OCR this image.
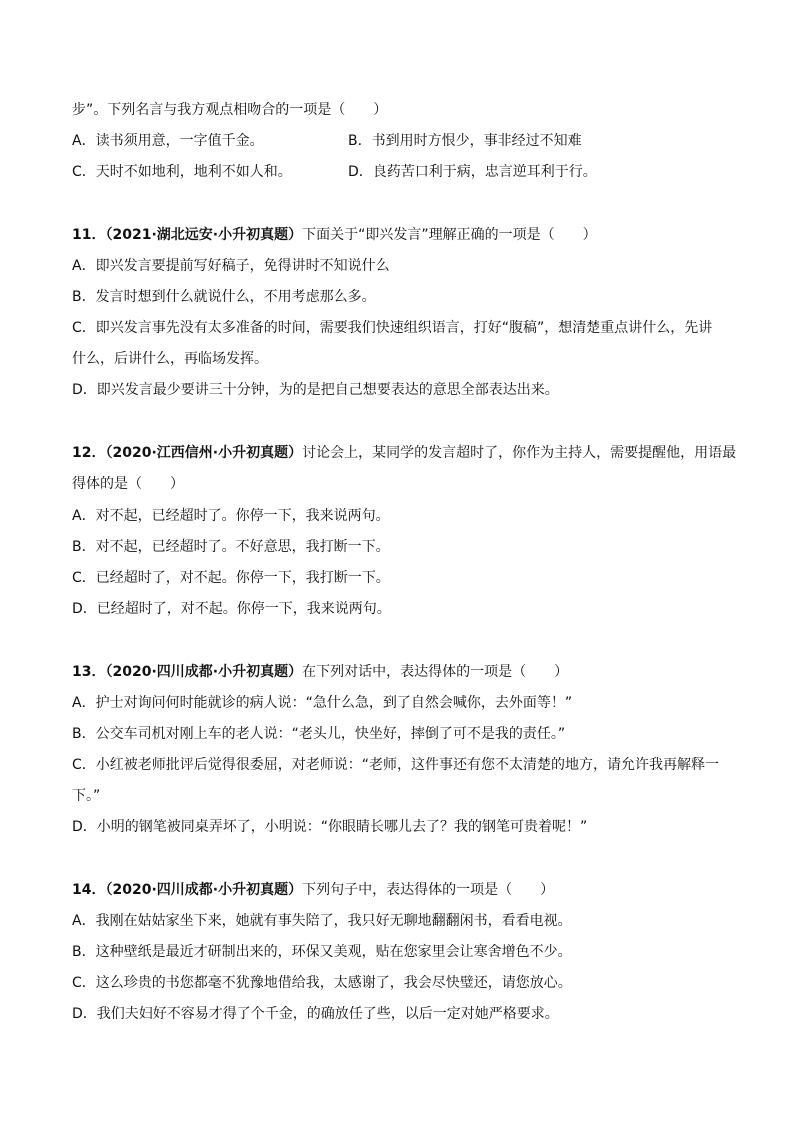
步”。下列名言与我方观点相吻合的一项是（　　）
A．读书须用意，一字值千金。	B．书到用时方恨少，事非经过不知难
C．天时不如地利，地利不如人和。	D．良药苦口利于病，忠言逆耳利于行。
11．（2021·湖北远安·小升初真题）下面关于“即兴发言”理解正确的一项是（　　）
A．即兴发言要提前写好稿子，免得讲时不知说什么
B．发言时想到什么就说什么，不用考虑那么多。
C．即兴发言事先没有太多准备的时间，需要我们快速组织语言，打好“腹稿”，想清楚重点讲什么，先讲
什么，后讲什么，再临场发挥。
D．即兴发言最少要讲三十分钟，为的是把自己想要表达的意思全部表达出来。
12．（2020·江西信州·小升初真题）讨论会上，某同学的发言超时了，你作为主持人，需要提醒他，用语最
得体的是（　　）
A．对不起，已经超时了。你停一下，我来说两句。
B．对不起，已经超时了。不好意思，我打断一下。
C．已经超时了，对不起。你停一下，我打断一下。
D．已经超时了，对不起。你停一下，我来说两句。
13．（2020·四川成都·小升初真题）在下列对话中，表达得体的一项是（　　）
A．护士对询问何时能就诊的病人说：“急什么急，到了自然会喊你，去外面等！”
B．公交车司机对刚上车的老人说：“老头儿，快坐好，摔倒了可不是我的责任。”
C．小红被老师批评后觉得很委屈，对老师说：“老师，这件事还有您不太清楚的地方，请允许我再解释一
下。”
D．小明的钢笔被同桌弄坏了，小明说：“你眼睛长哪儿去了？我的钢笔可贵着呢！”
14．（2020·四川成都·小升初真题）下列句子中，表达得体的一项是（　　）
A．我刚在姑姑家坐下来，她就有事失陪了，我只好无聊地翻翻闲书，看看电视。
B．这种壁纸是最近才研制出来的，环保又美观，贴在您家里会让寒舍增色不少。
C．这么珍贵的书您都毫不犹豫地借给我，太感谢了，我会尽快璧还，请您放心。
D．我们夫妇好不容易才得了个千金，的确放任了些，以后一定对她严格要求。
